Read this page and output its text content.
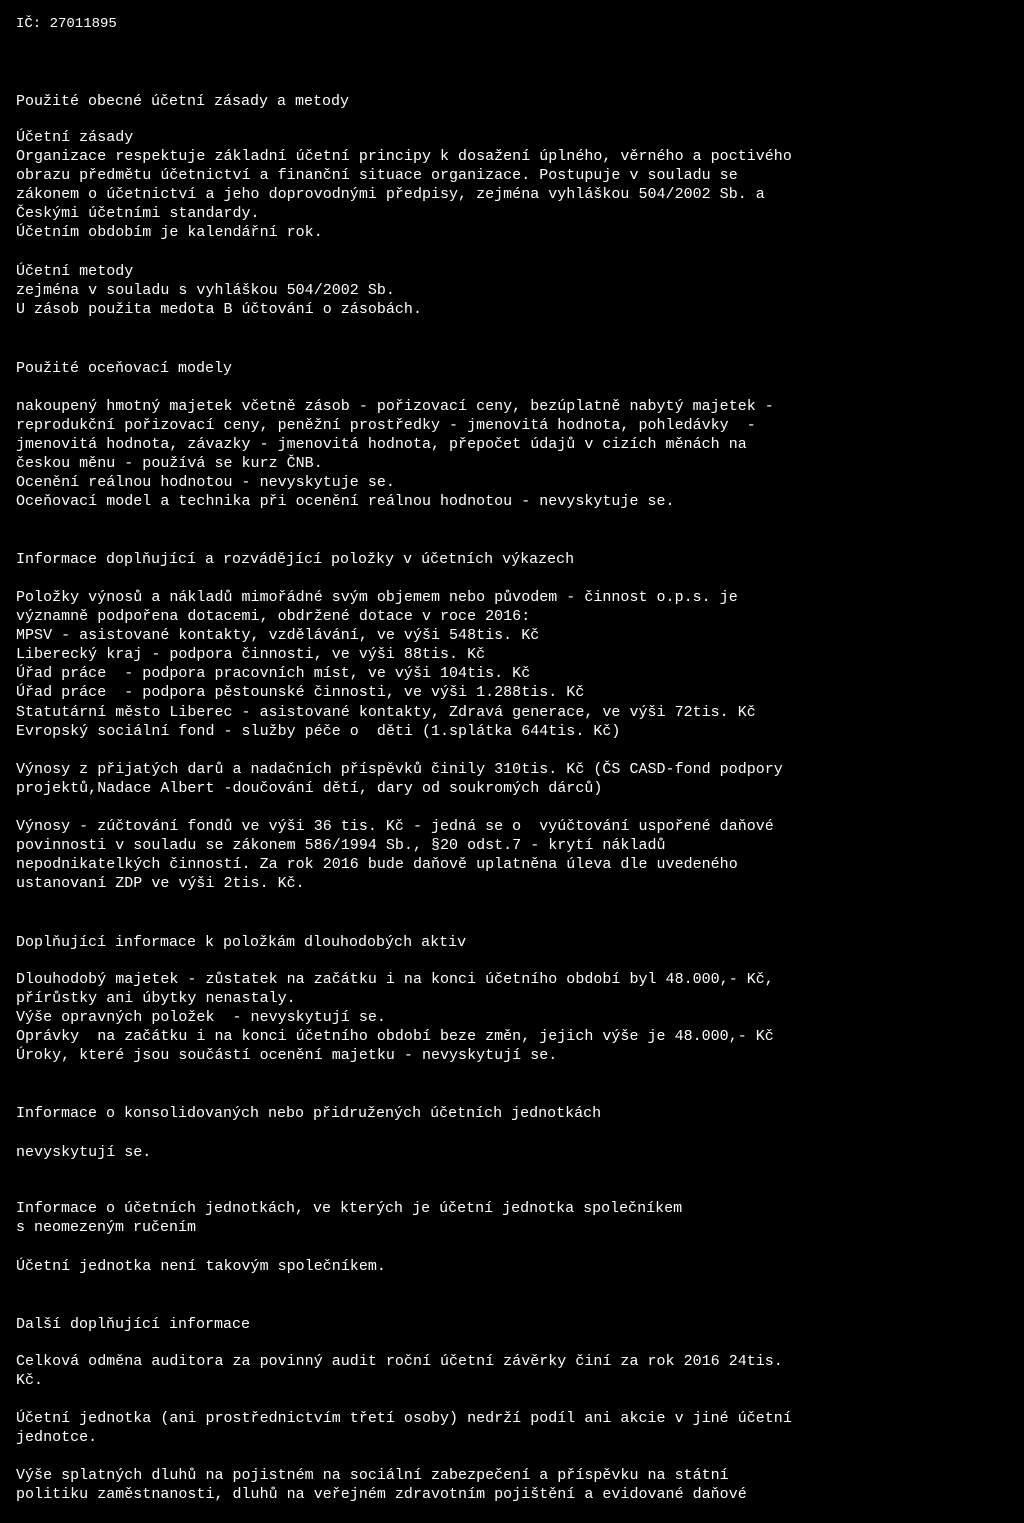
IČ: 27011895
Použité obecné účetní zásady a metody
Účetní zásady
Organizace respektuje základní účetní principy k dosažení úplného, věrného a poctivého
obrazu předmětu účetnictví a finanční situace organizace. Postupuje v souladu se
zákonem o účetnictví a jeho doprovodnými předpisy, zejména vyhláškou 504/2002 Sb. a
Českými účetními standardy.
Účetním obdobím je kalendářní rok.
Účetní metody
zejména v souladu s vyhláškou 504/2002 Sb.
U zásob použita medota B účtování o zásobách.
Použité oceňovací modely
nakoupený hmotný majetek včetně zásob - pořizovací ceny, bezúplatně nabytý majetek -
reprodukční pořizovací ceny, peněžní prostředky - jmenovitá hodnota, pohledávky  -
jmenovitá hodnota, závazky - jmenovitá hodnota, přepočet údajů v cizích měnách na
českou měnu - používá se kurz ČNB.
Ocenění reálnou hodnotou - nevyskytuje se.
Oceňovací model a technika při ocenění reálnou hodnotou - nevyskytuje se.
Informace doplňující a rozvádějící položky v účetních výkazech
Položky výnosů a nákladů mimořádné svým objemem nebo původem - činnost o.p.s. je
významně podpořena dotacemi, obdržené dotace v roce 2016:
MPSV - asistované kontakty, vzdělávání, ve výši 548tis. Kč
Liberecký kraj - podpora činnosti, ve výši 88tis. Kč
Úřad práce  - podpora pracovních míst, ve výši 104tis. Kč
Úřad práce  - podpora pěstounské činnosti, ve výši 1.288tis. Kč
Statutární město Liberec - asistované kontakty, Zdravá generace, ve výši 72tis. Kč
Evropský sociální fond - služby péče o  děti (1.splátka 644tis. Kč)
Výnosy z přijatých darů a nadačních příspěvků činily 310tis. Kč (ČS CASD-fond podpory
projektů,Nadace Albert -doučování dětí, dary od soukromých dárců)
Výnosy - zúčtování fondů ve výši 36 tis. Kč - jedná se o  vyúčtování uspořené daňové
povinnosti v souladu se zákonem 586/1994 Sb., §20 odst.7 - krytí nákladů
nepodnikatelkých činností. Za rok 2016 bude daňově uplatněna úleva dle uvedeného
ustanovaní ZDP ve výši 2tis. Kč.
Doplňující informace k položkám dlouhodobých aktiv
Dlouhodobý majetek - zůstatek na začátku i na konci účetního období byl 48.000,- Kč,
přírůstky ani úbytky nenastaly.
Výše opravných položek  - nevyskytují se.
Oprávky  na začátku i na konci účetního období beze změn, jejich výše je 48.000,- Kč
Úroky, které jsou součástí ocenění majetku - nevyskytují se.
Informace o konsolidovaných nebo přidružených účetních jednotkách
nevyskytují se.
Informace o účetních jednotkách, ve kterých je účetní jednotka společníkem
s neomezeným ručením
Účetní jednotka není takovým společníkem.
Další doplňující informace
Celková odměna auditora za povinný audit roční účetní závěrky činí za rok 2016 24tis.
Kč.
Účetní jednotka (ani prostřednictvím třetí osoby) nedrží podíl ani akcie v jiné účetní
jednotce.
Výše splatných dluhů na pojistném na sociální zabezpečení a příspěvku na státní
politiku zaměstnanosti, dluhů na veřejném zdravotním pojištění a evidované daňové
